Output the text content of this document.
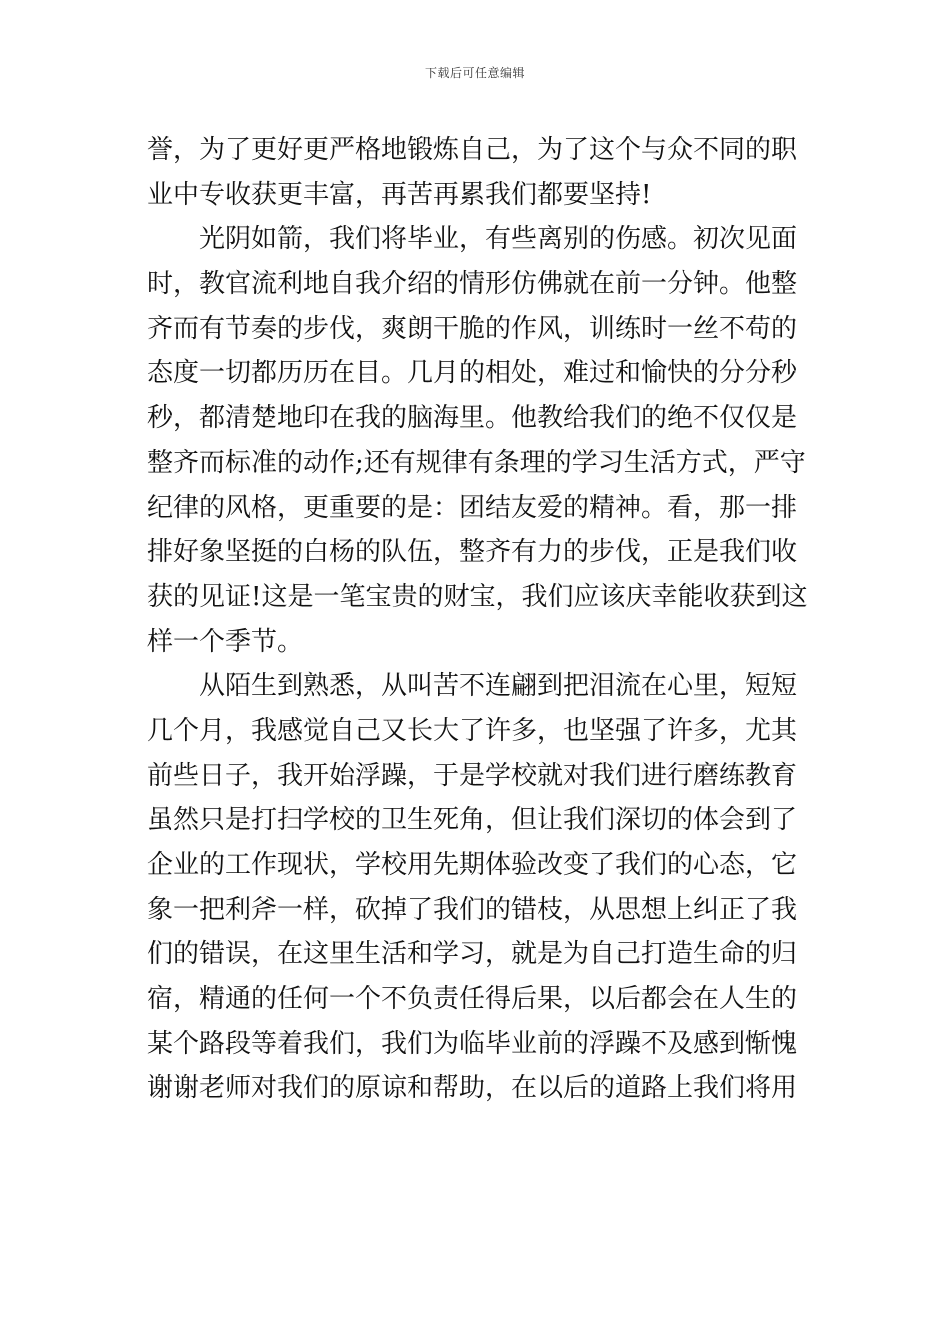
下载后可任意编辑
誉，为了更好更严格地锻炼自己，为了这个与众不同的职
业中专收获更丰富，再苦再累我们都要坚持!
　　光阴如箭，我们将毕业，有些离别的伤感。初次见面
时，教官流利地自我介绍的情形仿佛就在前一分钟。他整
齐而有节奏的步伐，爽朗干脆的作风，训练时一丝不苟的
态度一切都历历在目。几月的相处，难过和愉快的分分秒
秒，都清楚地印在我的脑海里。他教给我们的绝不仅仅是
整齐而标准的动作;还有规律有条理的学习生活方式，严守
纪律的风格，更重要的是：团结友爱的精神。看，那一排
排好象坚挺的白杨的队伍，整齐有力的步伐，正是我们收
获的见证!这是一笔宝贵的财宝，我们应该庆幸能收获到这
样一个季节。
　　从陌生到熟悉，从叫苦不连翩到把泪流在心里，短短
几个月，我感觉自己又长大了许多，也坚强了许多，尤其
前些日子，我开始浮躁，于是学校就对我们进行磨练教育
虽然只是打扫学校的卫生死角，但让我们深切的体会到了
企业的工作现状，学校用先期体验改变了我们的心态，它
象一把利斧一样，砍掉了我们的错枝，从思想上纠正了我
们的错误，在这里生活和学习，就是为自己打造生命的归
宿，精通的任何一个不负责任得后果，以后都会在人生的
某个路段等着我们，我们为临毕业前的浮躁不及感到惭愧
谢谢老师对我们的原谅和帮助，在以后的道路上我们将用
